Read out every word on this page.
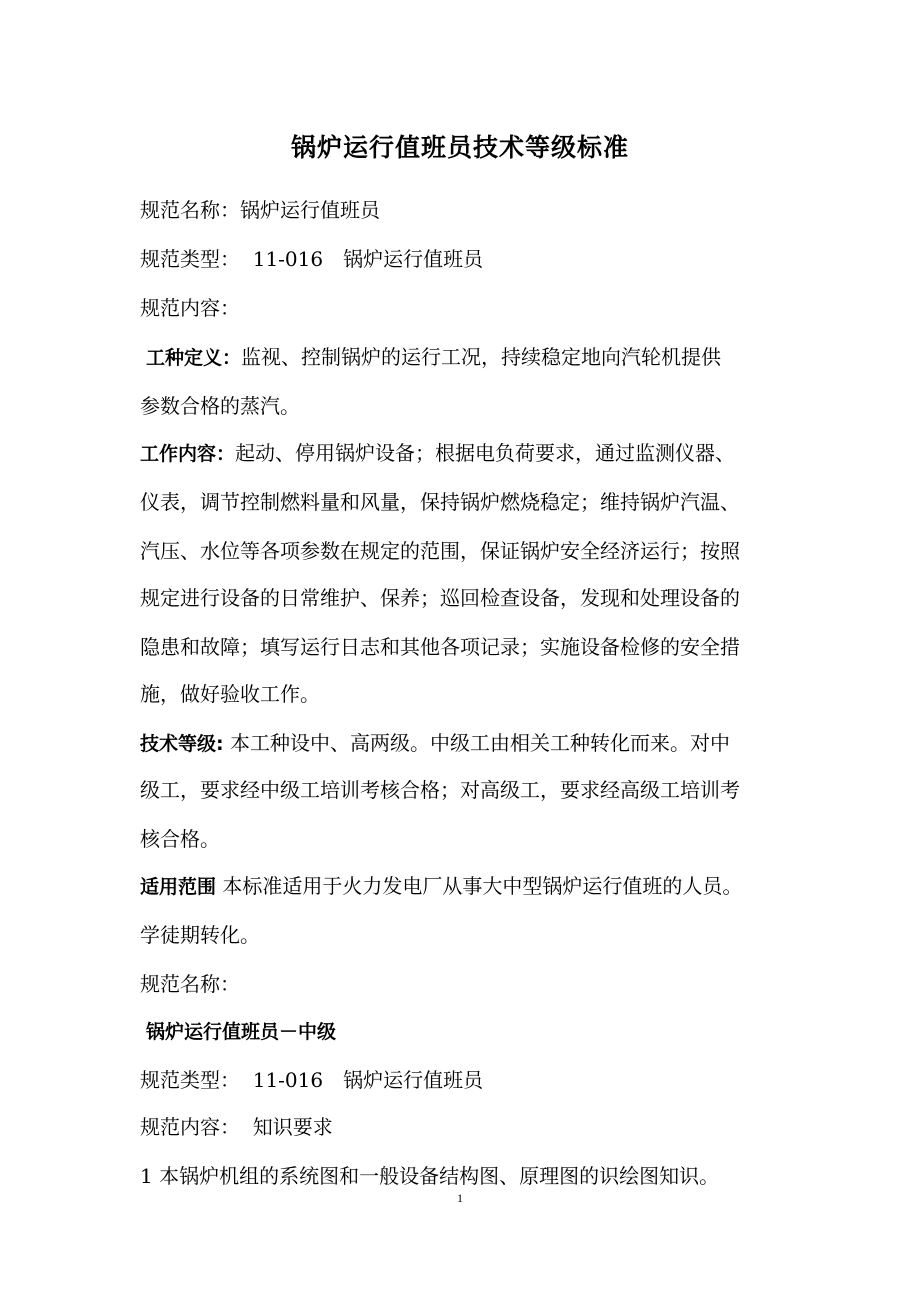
锅炉运行值班员技术等级标准
规范名称：锅炉运行值班员
规范类型： 11-016　锅炉运行值班员
规范内容：
工种定义：监视、控制锅炉的运行工况，持续稳定地向汽轮机提供
参数合格的蒸汽。
工作内容：起动、停用锅炉设备；根据电负荷要求，通过监测仪器、
仪表，调节控制燃料量和风量，保持锅炉燃烧稳定；维持锅炉汽温、
汽压、水位等各项参数在规定的范围，保证锅炉安全经济运行；按照
规定进行设备的日常维护、保养；巡回检查设备，发现和处理设备的
隐患和故障；填写运行日志和其他各项记录；实施设备检修的安全措
施，做好验收工作。
技术等级: 本工种设中、高两级。中级工由相关工种转化而来。对中
级工，要求经中级工培训考核合格；对高级工，要求经高级工培训考
核合格。
适用范围 本标准适用于火力发电厂从事大中型锅炉运行值班的人员。
学徒期转化。
规范名称：
锅炉运行值班员－中级
规范类型： 11-016　锅炉运行值班员
规范内容： 知识要求
1 本锅炉机组的系统图和一般设备结构图、原理图的识绘图知识。
1
